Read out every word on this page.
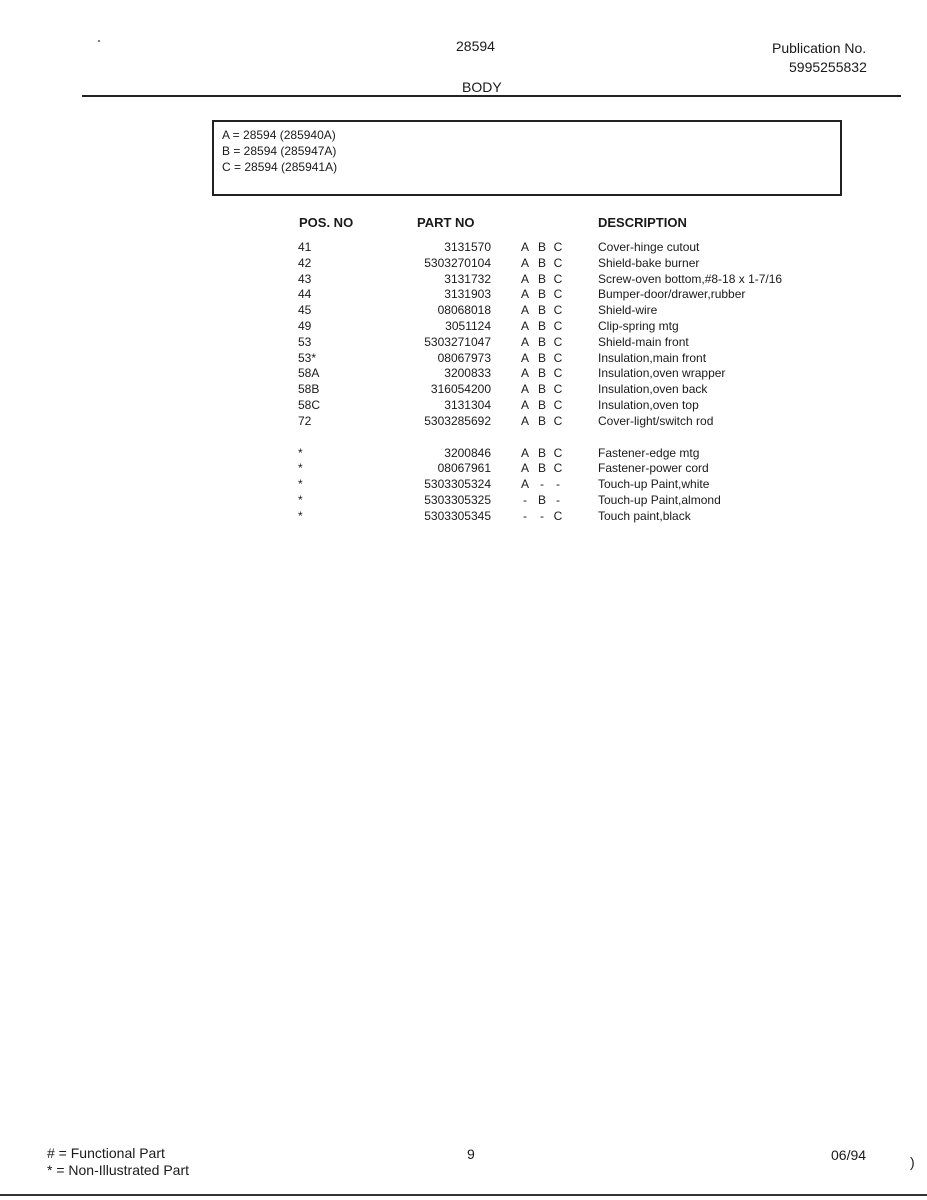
28594	Publication No.
5995255832
BODY
A = 28594 (285940A)
B = 28594 (285947A)
C = 28594 (285941A)
POS. NO	PART NO	DESCRIPTION
41	3131570 A B C	Cover-hinge cutout
42	5303270104 A B C	Shield-bake burner
43	3131732 A B C	Screw-oven bottom,#8-18 x 1-7/16
44	3131903 A B C	Bumper-door/drawer,rubber
45	08068018 A B C	Shield-wire
49	3051124 A B C	Clip-spring mtg
53	5303271047 A B C	Shield-main front
53*	08067973 A B C	Insulation,main front
58A	3200833 A B C	Insulation,oven wrapper
58B	316054200 A B C	Insulation,oven back
58C	3131304 A B C	Insulation,oven top
72	5303285692 A B C	Cover-light/switch rod
*	3200846 A B C	Fastener-edge mtg
*	08067961 A B C	Fastener-power cord
*	5303305324 A - -	Touch-up Paint,white
*	5303305325	- B -	Touch-up Paint,almond
*	5303305345	- - C	Touch paint,black
# = Functional Part
* = Non-Illustrated Part
9	06/94	)
